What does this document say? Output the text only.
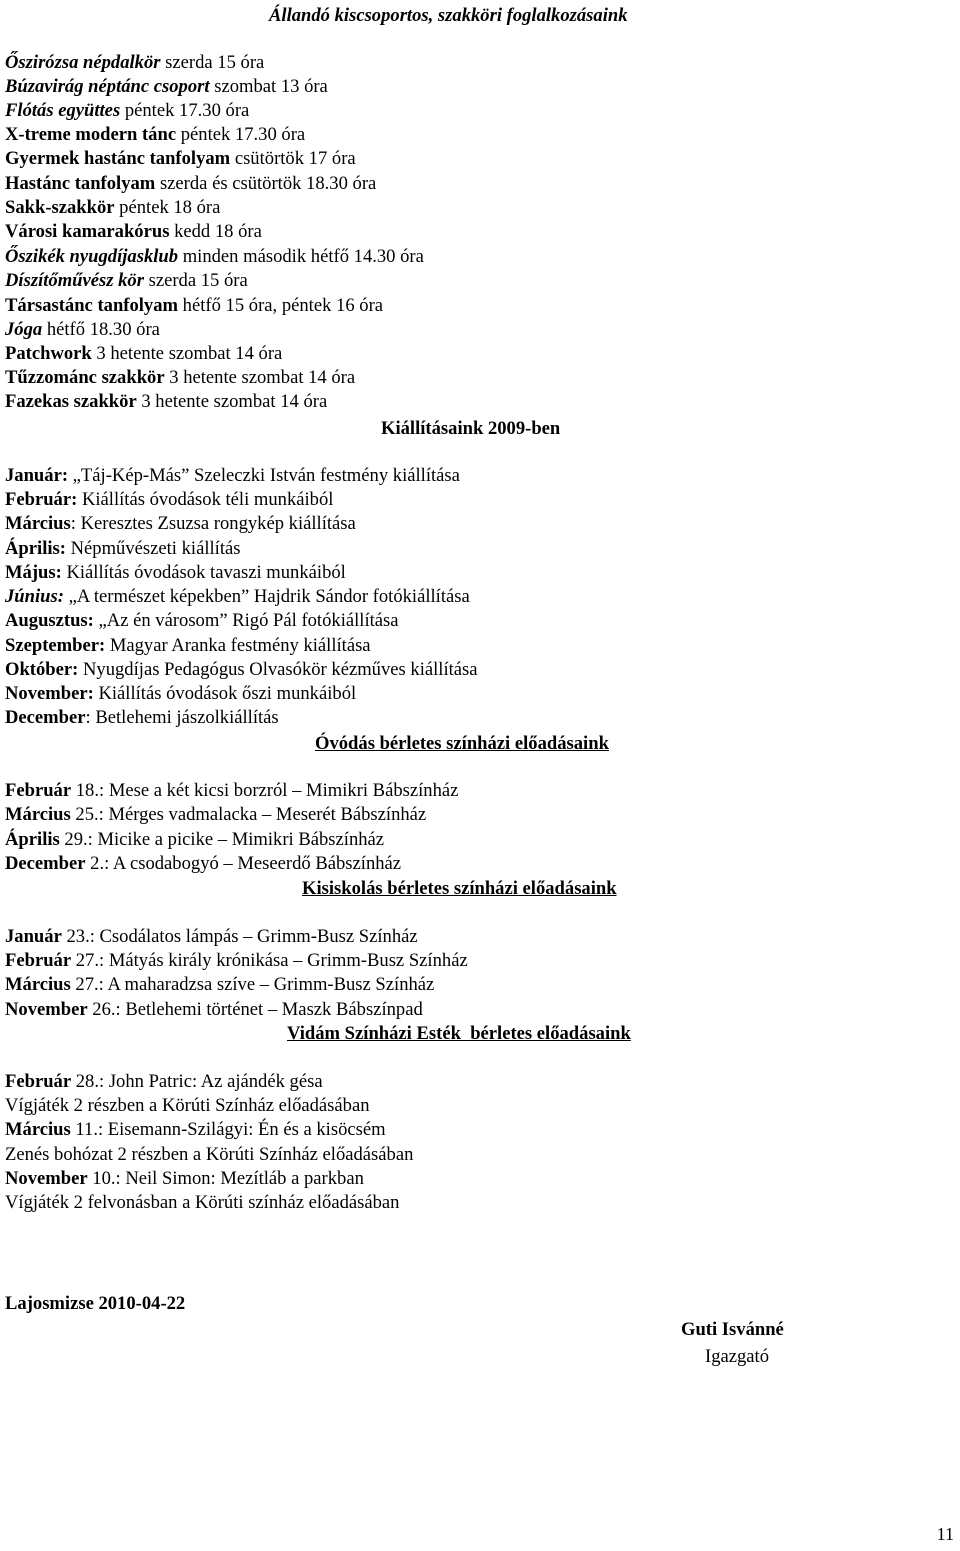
Állandó kiscsoportos, szakköri foglalkozásaink
Őszirózsa népdalkör szerda 15 óra
Búzavirág néptánc csoport szombat 13 óra
Flótás együttes péntek 17.30 óra
X-treme modern tánc péntek 17.30 óra
Gyermek hastánc tanfolyam csütörtök 17 óra
Hastánc tanfolyam szerda és csütörtök 18.30 óra
Sakk-szakkör péntek 18 óra
Városi kamarakórus kedd 18 óra
Őszikék nyugdíjasklub minden második hétfő 14.30 óra
Díszítőművész kör szerda 15 óra
Társastánc tanfolyam hétfő 15 óra, péntek 16 óra
Jóga hétfő 18.30 óra
Patchwork 3 hetente szombat 14 óra
Tűzzománc szakkör 3 hetente szombat 14 óra
Fazekas szakkör 3 hetente szombat 14 óra
Kiállításaink 2009-ben
Január: „Táj-Kép-Más” Szeleczki István festmény kiállítása
Február: Kiállítás óvodások téli munkáiból
Március: Keresztes Zsuzsa rongykép kiállítása
Április: Népművészeti kiállítás
Május: Kiállítás óvodások tavaszi munkáiból
Június: „A természet képekben” Hajdrik Sándor fotókiállítása
Augusztus: „Az én városom” Rigó Pál fotókiállítása
Szeptember: Magyar Aranka festmény kiállítása
Október: Nyugdíjas Pedagógus Olvasókör kézműves kiállítása
November: Kiállítás óvodások őszi munkáiból
December: Betlehemi jászolkiállítás
Óvódás bérletes színházi előadásaink
Február 18.: Mese a két kicsi borzról – Mimikri Bábszínház
Március 25.: Mérges vadmalacka – Meserét Bábszínház
Április 29.: Micike a picike – Mimikri Bábszínház
December 2.: A csodabogyó – Meseerdő Bábszínház
Kisiskolás bérletes színházi előadásaink
Január 23.: Csodálatos lámpás – Grimm-Busz Színház
Február 27.: Mátyás király krónikása – Grimm-Busz Színház
Március 27.: A maharadzsa szíve – Grimm-Busz Színház
November 26.: Betlehemi történet – Maszk Bábszínpad
Vidám Színházi Esték  bérletes előadásaink
Február 28.: John Patric: Az ajándék gésa
Vígjáték 2 részben a Körúti Színház előadásában
Március 11.: Eisemann-Szilágyi: Én és a kisöcsém
Zenés bohózat 2 részben a Körúti Színház előadásában
November 10.: Neil Simon: Mezítláb a parkban
Vígjáték 2 felvonásban a Körúti színház előadásában
Lajosmizse 2010-04-22
Guti Isvánné
Igazgató
11
